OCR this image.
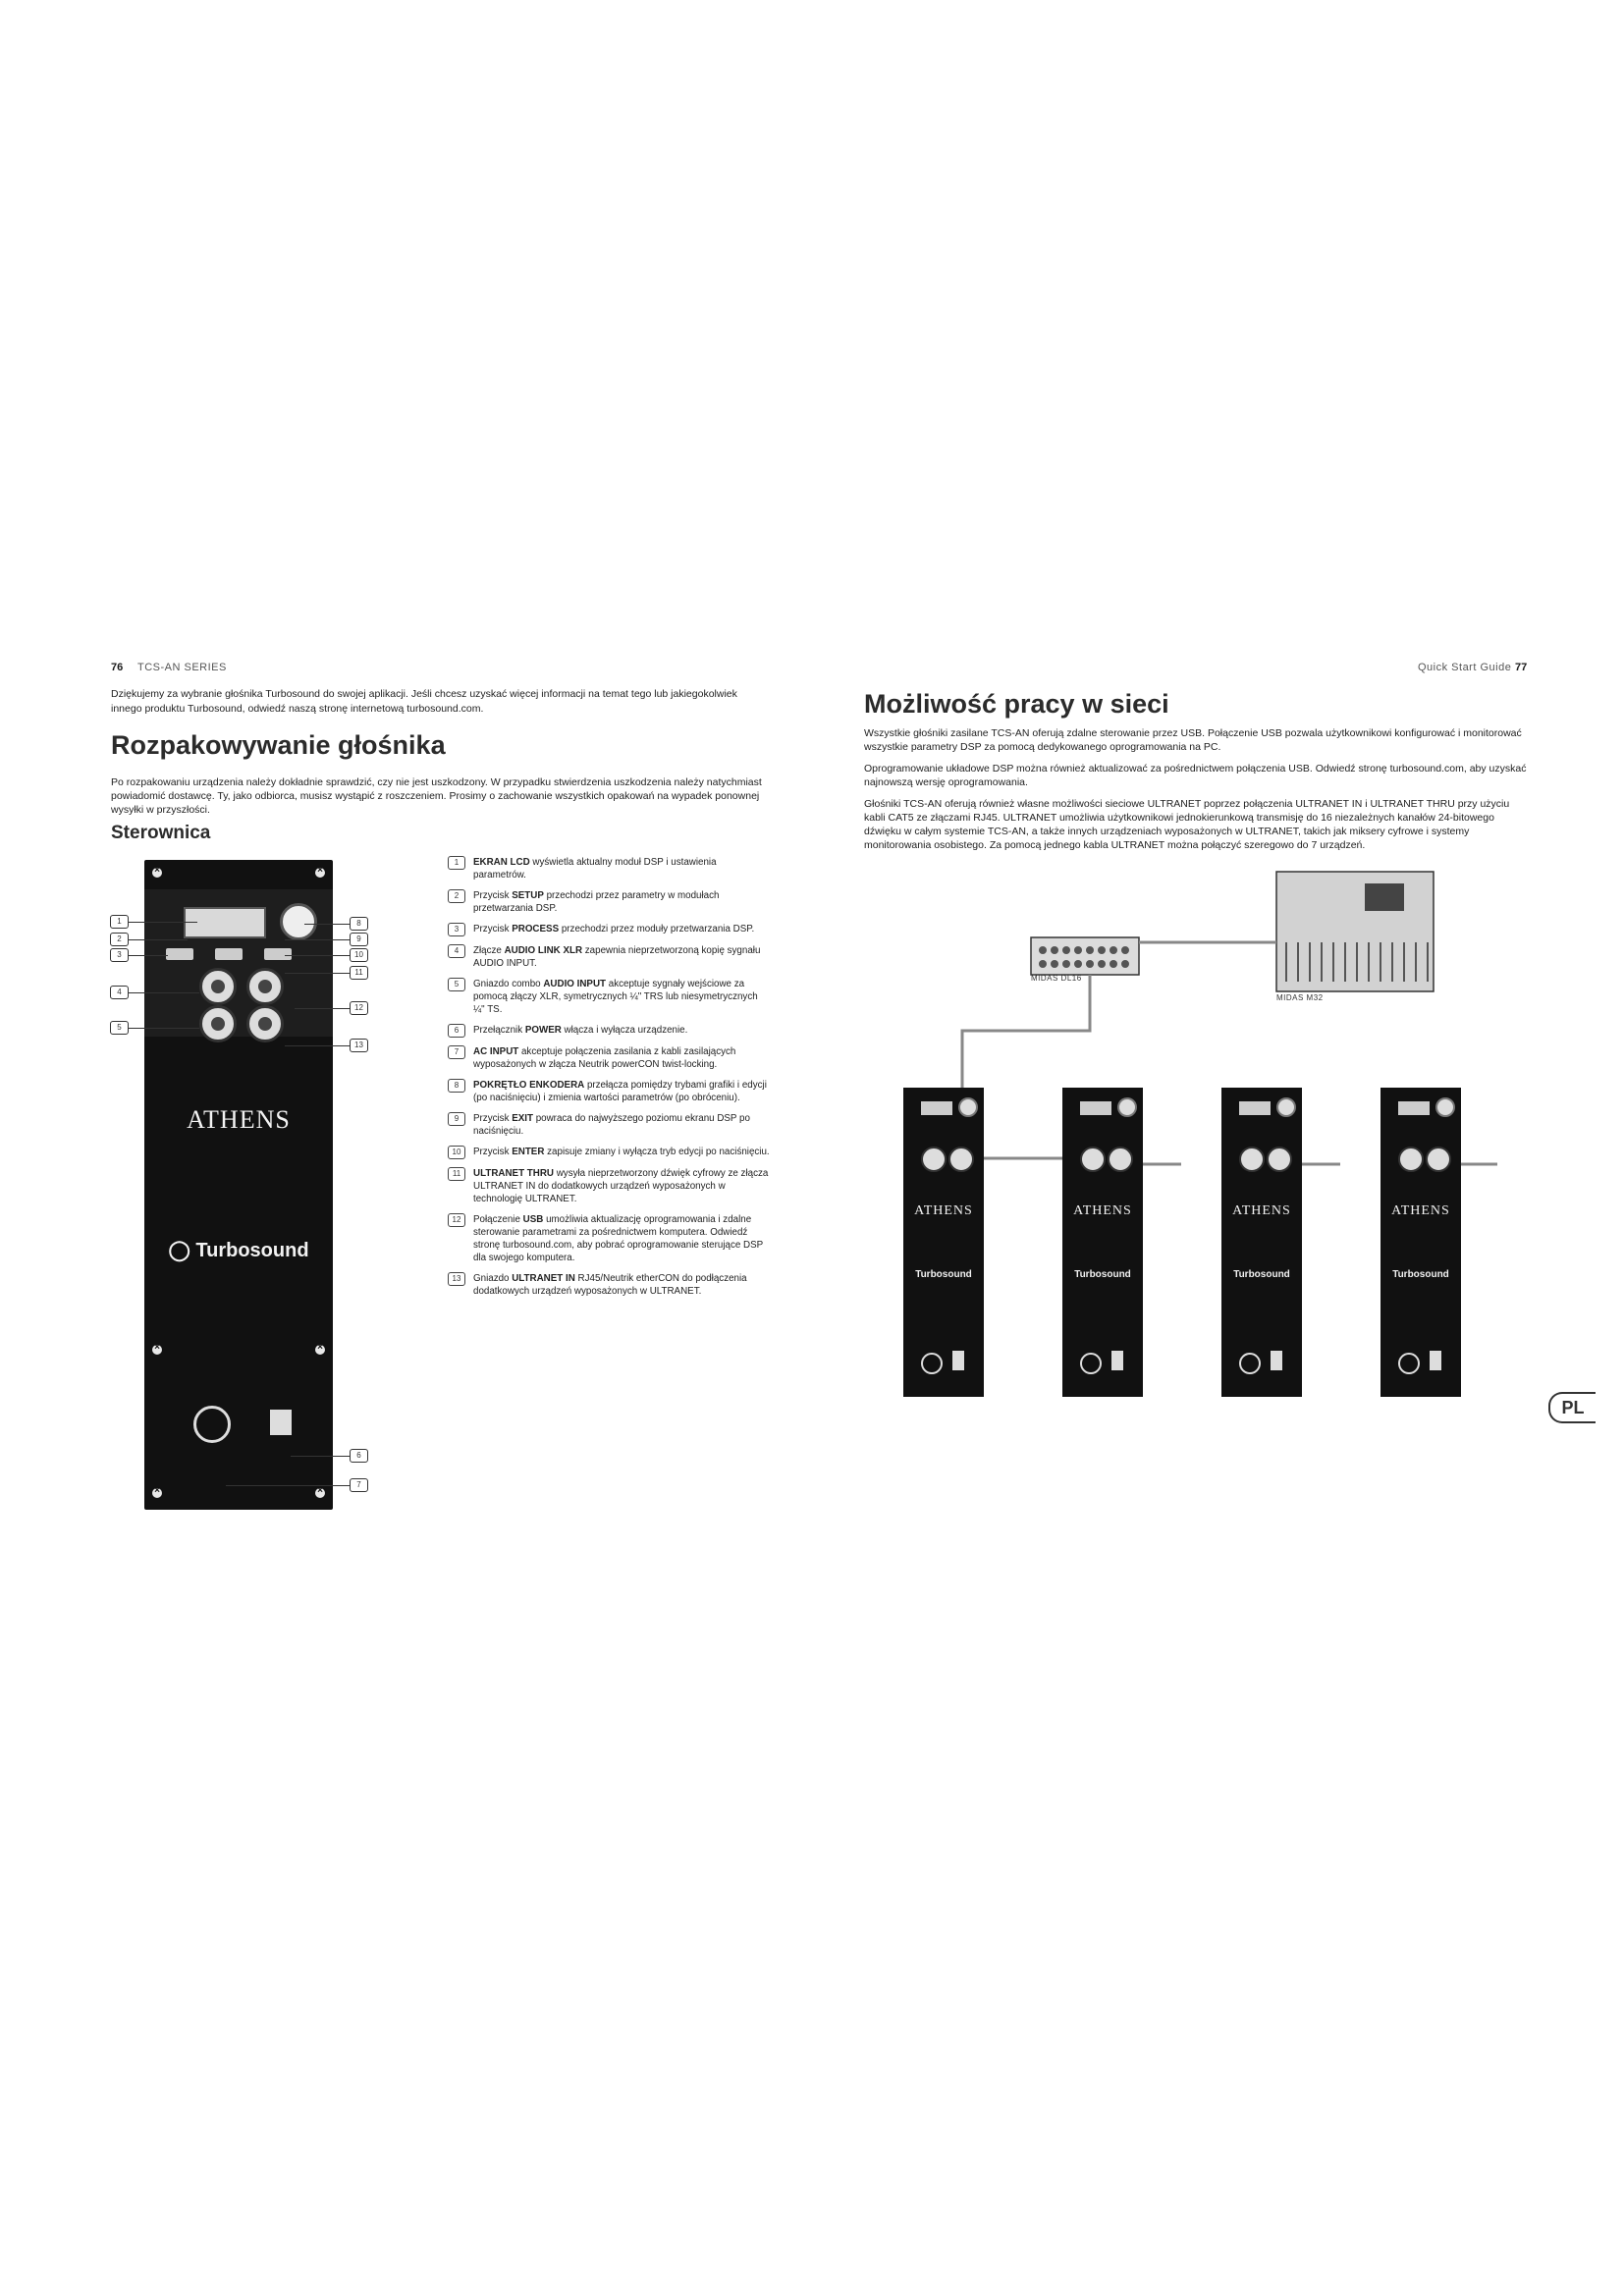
76 TCS-AN SERIES
Dziękujemy za wybranie głośnika Turbosound do swojej aplikacji. Jeśli chcesz uzyskać więcej informacji na temat tego lub jakiegokolwiek innego produktu Turbosound, odwiedź naszą stronę internetową turbosound.com.
Rozpakowywanie głośnika
Po rozpakowaniu urządzenia należy dokładnie sprawdzić, czy nie jest uszkodzony. W przypadku stwierdzenia uszkodzenia należy natychmiast powiadomić dostawcę. Ty, jako odbiorca, musisz wystąpić z roszczeniem. Prosimy o zachowanie wszystkich opakowań na wypadek ponownej wysyłki w przyszłości.
Sterownica
×
×
ATHENS
◯ Turbosound
×
×
×
×
1
2
3
4
5
8
9
10
11
12
13
6
7
1	EKRAN LCD wyświetla aktualny moduł DSP i ustawienia parametrów.
2	Przycisk SETUP przechodzi przez parametry w modułach przetwarzania DSP.
3	Przycisk PROCESS przechodzi przez moduły przetwarzania DSP.
4	Złącze AUDIO LINK XLR zapewnia nieprzetworzoną kopię sygnału AUDIO INPUT.
5	Gniazdo combo AUDIO INPUT akceptuje sygnały wejściowe za pomocą złączy XLR, symetrycznych ¼" TRS lub niesymetrycznych ¼" TS.
6	Przełącznik POWER włącza i wyłącza urządzenie.
7	AC INPUT akceptuje połączenia zasilania z kabli zasilających wyposażonych w złącza Neutrik powerCON twist-locking.
8	POKRĘTŁO ENKODERA przełącza pomiędzy trybami grafiki i edycji (po naciśnięciu) i zmienia wartości parametrów (po obróceniu).
9	Przycisk EXIT powraca do najwyższego poziomu ekranu DSP po naciśnięciu.
10	Przycisk ENTER zapisuje zmiany i wyłącza tryb edycji po naciśnięciu.
11	ULTRANET THRU wysyła nieprzetworzony dźwięk cyfrowy ze złącza ULTRANET IN do dodatkowych urządzeń wyposażonych w technologię ULTRANET.
12	Połączenie USB umożliwia aktualizację oprogramowania i zdalne sterowanie parametrami za pośrednictwem komputera. Odwiedź stronę turbosound.com, aby pobrać oprogramowanie sterujące DSP dla swojego komputera.
13	Gniazdo ULTRANET IN RJ45/Neutrik etherCON do podłączenia dodatkowych urządzeń wyposażonych w ULTRANET.
Quick Start Guide 77
Możliwość pracy w sieci
Wszystkie głośniki zasilane TCS-AN oferują zdalne sterowanie przez USB. Połączenie USB pozwala użytkownikowi konfigurować i monitorować wszystkie parametry DSP za pomocą dedykowanego oprogramowania na PC.
Oprogramowanie układowe DSP można również aktualizować za pośrednictwem połączenia USB. Odwiedź stronę turbosound.com, aby uzyskać najnowszą wersję oprogramowania.
Głośniki TCS-AN oferują również własne możliwości sieciowe ULTRANET poprzez połączenia ULTRANET IN i ULTRANET THRU przy użyciu kabli CAT5 ze złączami RJ45. ULTRANET umożliwia użytkownikowi jednokierunkową transmisję do 16 niezależnych kanałów 24-bitowego dźwięku w całym systemie TCS-AN, a także innych urządzeniach wyposażonych w ULTRANET, takich jak miksery cyfrowe i systemy monitorowania osobistego. Za pomocą jednego kabla ULTRANET można połączyć szeregowo do 7 urządzeń.
MIDAS DL16
MIDAS M32
ATHENS
Turbosound
ATHENS
Turbosound
ATHENS
Turbosound
ATHENS
Turbosound
PL
